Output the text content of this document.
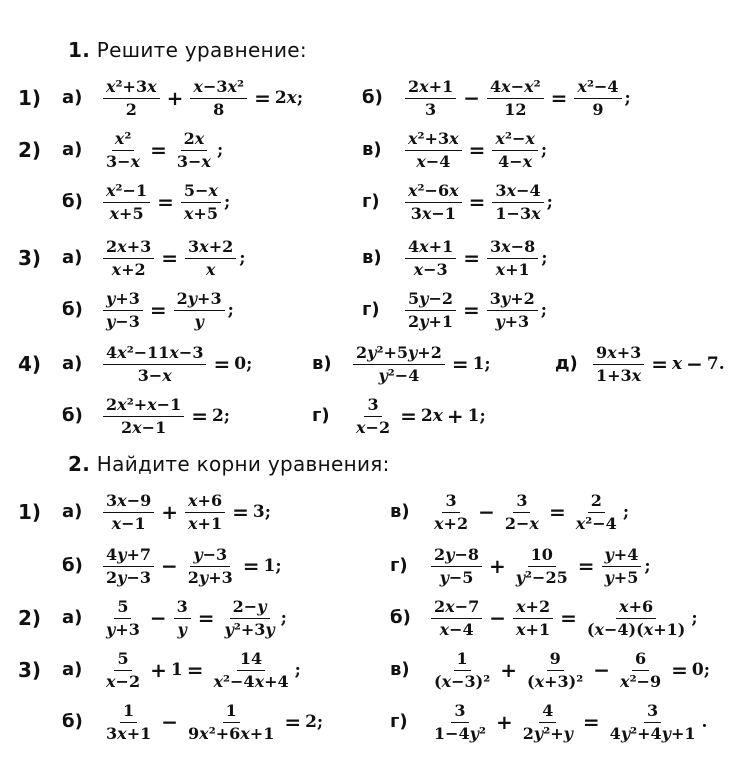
1. Решите уравнение:
1) $а) \frac{\text{x²+3x}}{2} + \frac{\text{x−3x²}}{8} = 2$ x ;	$б) \frac{2x+1}{3} - \frac{\text{4x−x²}}{12} = \frac{\text{x²−4}}{9}$ ;
2) $а) \frac{\text{x²}}{3-x} = \frac{2x}{3-x}$ ;	$в) \frac{\text{x²+3x}}{x-4} = \frac{\text{x²−x}}{4-x}$ ;
$б) \frac{\text{x²−1}}{x+5} = \frac{5-x}{x+5}$ ;	$г) \frac{\text{x²−6x}}{3x-1} = \frac{3x-4}{1-3x}$ ;
3) $а) \frac{2x+3}{x+2} = \frac{3x+2}{x}$ ;	$в) \frac{4x+1}{x-3} = \frac{3x-8}{x+1}$ ;
$б) \frac{y+3}{y-3} = \frac{2y+3}{y}$ ;	$г) \frac{5y-2}{2y+1} = \frac{3y+2}{y+3}$ ;
4) $а) \frac{\text{4x²−11x−3}}{3-x} = 0$;	$в) \frac{\text{2y²+5y+2}}{\text{y²−4}} = 1$;	$д) \frac{9x+3}{1+3x} = x - 7$.
$б) \frac{\text{2x²+x−1}}{2x-1} = 2$;	$г) \frac{3}{x-2} = 2$ x + 1;
2. Найдите корни уравнения:
1) $а) \frac{3x-9}{x-1} + \frac{x+6}{x+1} = 3$;	$в) \frac{3}{x+2} - \frac{3}{2-x} = \frac{2}{\text{x²−4}}$ ;
$б) \frac{4y+7}{2y-3} - \frac{y-3}{2y+3} = 1$;	$г) \frac{2y-8}{y-5} + \frac{10}{\text{y²−25}} = \frac{y+4}{y+5}$ ;
2) $а) \frac{5}{y+3} - \frac{3}{y} = \frac{2-y}{\text{y²+3y}}$ ;	$б) \frac{2x-7}{x-4} - \frac{x+2}{x+1} = \frac{x+6}{(x-4)(x+1)}$ ;
3) $а) \frac{5}{x-2} + 1 = \frac{14}{\text{x²−4x+4}}$ ;	$в) \frac{1}{\text{(x−3)²}} + \frac{9}{\text{(x+3)²}} - \frac{6}{\text{x²−9}} = 0$;
$б) \frac{1}{3x+1} - \frac{1}{\text{9x²+6x+1}} = 2$;	$г) \frac{3}{\text{1−4y²}} + \frac{4}{\text{2y²+y}} = \frac{3}{\text{4y²+4y+1}}$ .
